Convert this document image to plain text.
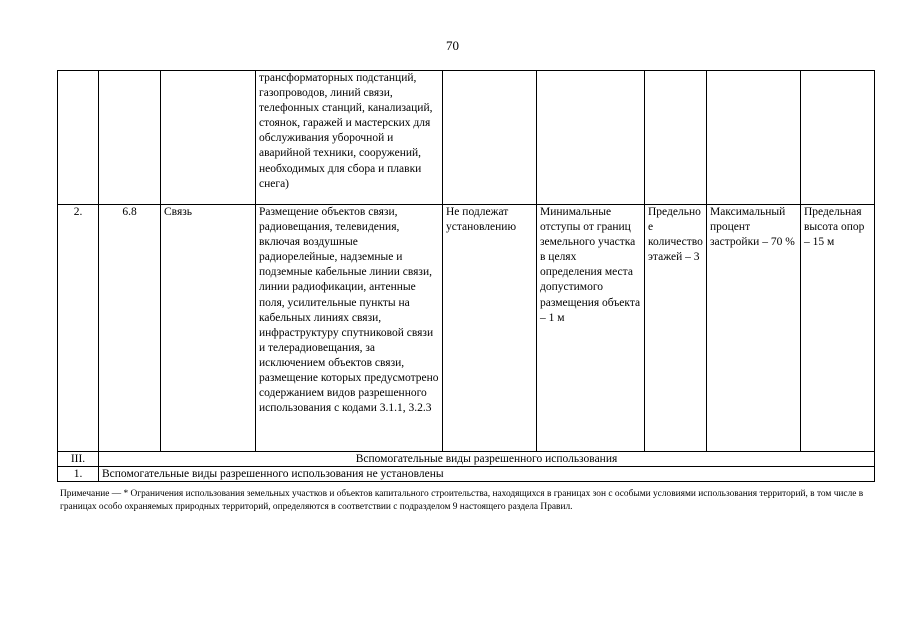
70
			трансформаторных подстанций, газопроводов, линий связи, телефонных станций, канализаций, стоянок, гаражей и мастерских для обслуживания уборочной и аварийной техники, сооружений, необходимых для сбора и плавки снега)					
2.	6.8	Связь	Размещение объектов связи, радиовещания, телевидения, включая воздушные радиорелейные, надземные и подземные кабельные линии связи, линии радиофикации, антенные поля, усилительные пункты на кабельных линиях связи, инфраструктуру спутниковой связи и телерадиовещания, за исключением объектов связи, размещение которых предусмотрено содержанием видов разрешенного использования с кодами 3.1.1, 3.2.3	Не подлежат установлению	Минимальные отступы от границ земельного участка в целях определения места допустимого размещения объекта – 1 м	Предельное количество этажей – 3	Максимальный процент застройки – 70 %	Предельная высота опор – 15 м
III.	Вспомогательные виды разрешенного использования							
1.	Вспомогательные виды разрешенного использования не установлены							
Примечание — * Ограничения использования земельных участков и объектов капитального строительства, находящихся в границах зон с особыми условиями использования территорий, в том числе в границах особо охраняемых природных территорий, определяются в соответствии с подразделом 9 настоящего раздела Правил.
